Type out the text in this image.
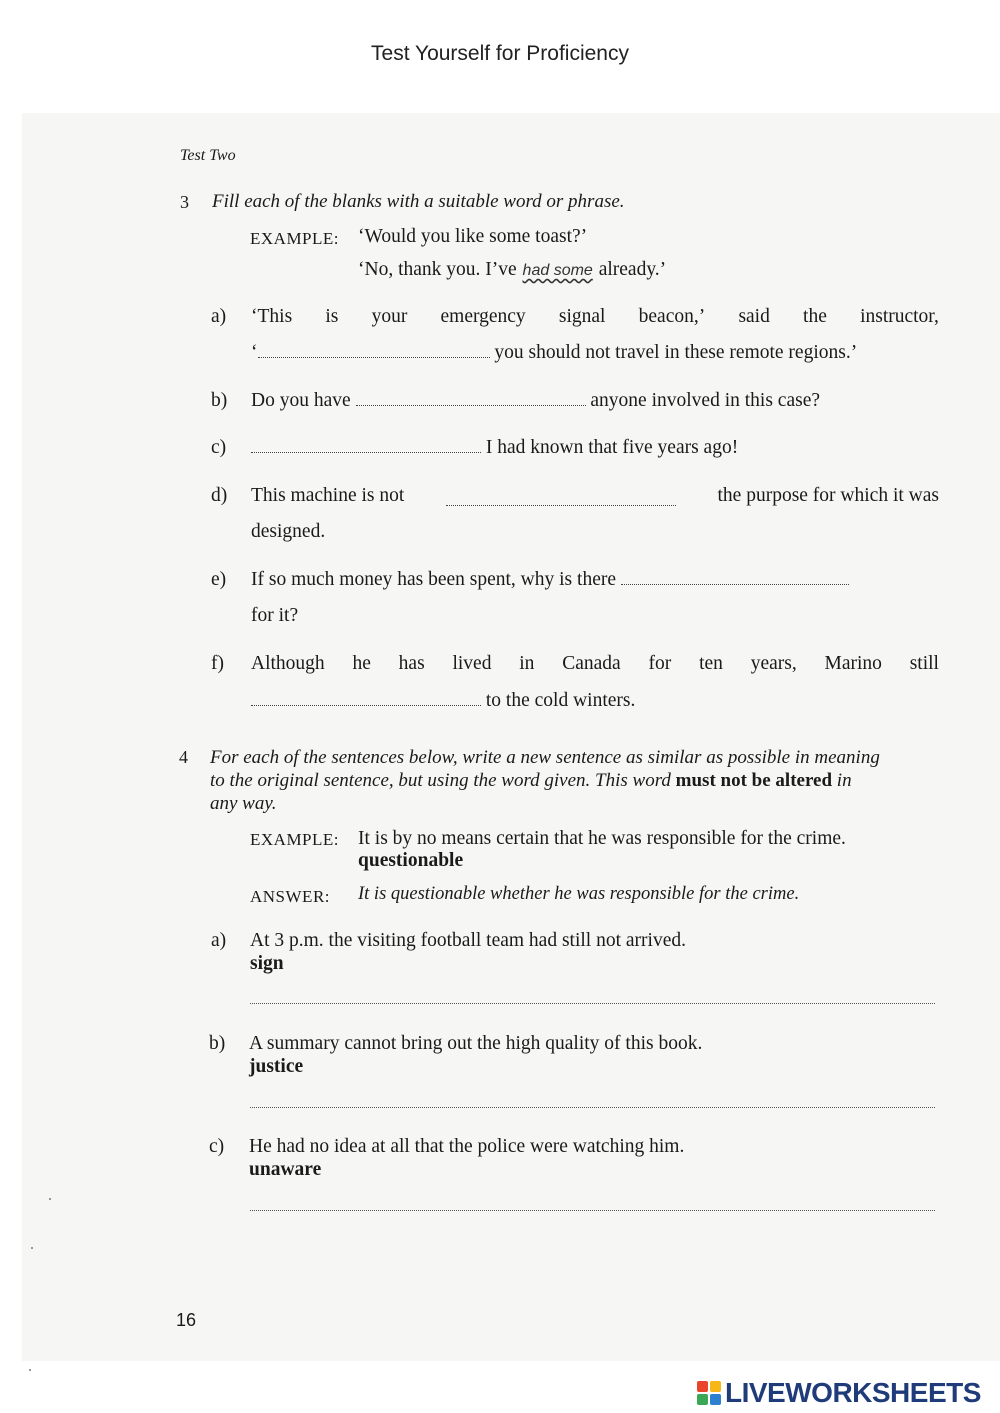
Test Yourself for Proficiency
Test Two
3 Fill each of the blanks with a suitable word or phrase.
EXAMPLE: ‘Would you like some toast?’
‘No, thank you. I’ve had some already.’
a) ‘This is your emergency signal beacon,’ said the instructor,
‘	you should not travel in these remote regions.’
b) Do you have	anyone involved in this case?
c)	I had known that five years ago!
d) This machine is not	the purpose for which it was
designed.
e) If so much money has been spent, why is there
for it?
f) Although he has lived in Canada for ten years, Marino still
to the cold winters.
4 For each of the sentences below, write a new sentence as similar as possible in meaning
to the original sentence, but using the word given. This word must not be altered in
any way.
EXAMPLE: It is by no means certain that he was responsible for the crime.
questionable
ANSWER: It is questionable whether he was responsible for the crime.
a) At 3 p.m. the visiting football team had still not arrived.
sign
b) A summary cannot bring out the high quality of this book.
justice
c) He had no idea at all that the police were watching him.
unaware
16
LIVEWORKSHEETS
